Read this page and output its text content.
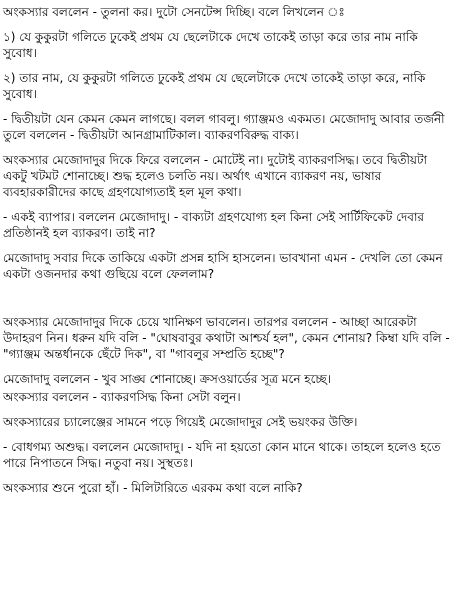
অংকস্যার বললেন - তুলনা কর। দুটো সেনটেন্স দিচ্ছি। বলে লিখলেন ঃ

১) যে কুকুরটা গলিতে ঢুকেই প্রথম যে ছেলেটাকে দেখে তাকেই তাড়া করে তার নাম নাকি সুবোধ।

২) তার নাম, যে কুকুরটা গলিতে ঢুকেই প্রথম যে ছেলেটাকে দেখে তাকেই তাড়া করে, নাকি সুবোধ।

- দ্বিতীয়টা যেন কেমন কেমন লাগছে। বলল গাবলু। গ্যাঞ্জমও একমত। মেজোদাদু আবার তর্জনী তুলে বললেন - দ্বিতীয়টা আনগ্রামাটিকাল। ব্যাকরণবিরুদ্ধ বাক্য।

অংকস্যার মেজোদাদুর দিকে ফিরে বললেন - মোটেই না। দুটোই ব্যাকরণসিদ্ধ। তবে দ্বিতীয়টা একটু খটমট শোনাচ্ছে। শুদ্ধ হলেও চলতি নয়। অর্থাৎ এখানে ব্যাকরণ নয়, ভাষার ব্যবহারকারীদের কাছে গ্রহণযোগ্যতাই হল মূল কথা।

- একই ব্যাপার। বললেন মেজোদাদু। - বাক্যটা গ্রহণযোগ্য হল কিনা সেই সার্টিফিকেট দেবার প্রতিষ্ঠানই হল ব্যাকরণ। তাই না?

মেজোদাদু সবার দিকে তাকিয়ে একটা প্রসন্ন হাসি হাসলেন। ভাবখানা এমন - দেখলি তো কেমন একটা ওজনদার কথা গুছিয়ে বলে ফেললাম?

অংকস্যার মেজোদাদুর দিকে চেয়ে খানিক্ষণ ভাবলেন। তারপর বললেন - আচ্ছা আরেকটা উদাহরণ নিন। ধরুন যদি বলি - "ঘোষবাবুর কথাটা আশ্চর্য হল", কেমন শোনায়? কিম্বা যদি বলি - "গ্যাঞ্জম অন্তর্ধানকে ছেঁটে দিক", বা "গাবলুর সম্প্রতি হচ্ছে"?

মেজোদাদু বললেন - খুব সাঙ্ঘ শোনাচ্ছে। ক্রসওয়ার্ডের সূত্র মনে হচ্ছে।

অংকস্যার বললেন - ব্যাকরণসিদ্ধ কিনা সেটা বলুন।

অংকস্যারের চ্যালেঞ্জের সামনে পড়ে গিয়েই মেজোদাদুর সেই ভয়ংকর উক্তি।

- বোধগম্য অশুদ্ধ। বললেন মেজোদাদু। - যদি না হয়তো কোন মানে থাকে। তাহলে হলেও হতে পারে নিপাতনে সিদ্ধ। নতুবা নয়। সুস্থতঃ।

অংকস্যার শুনে পুরো হাঁ। - মিলিটারিতে এরকম কথা বলে নাকি?
